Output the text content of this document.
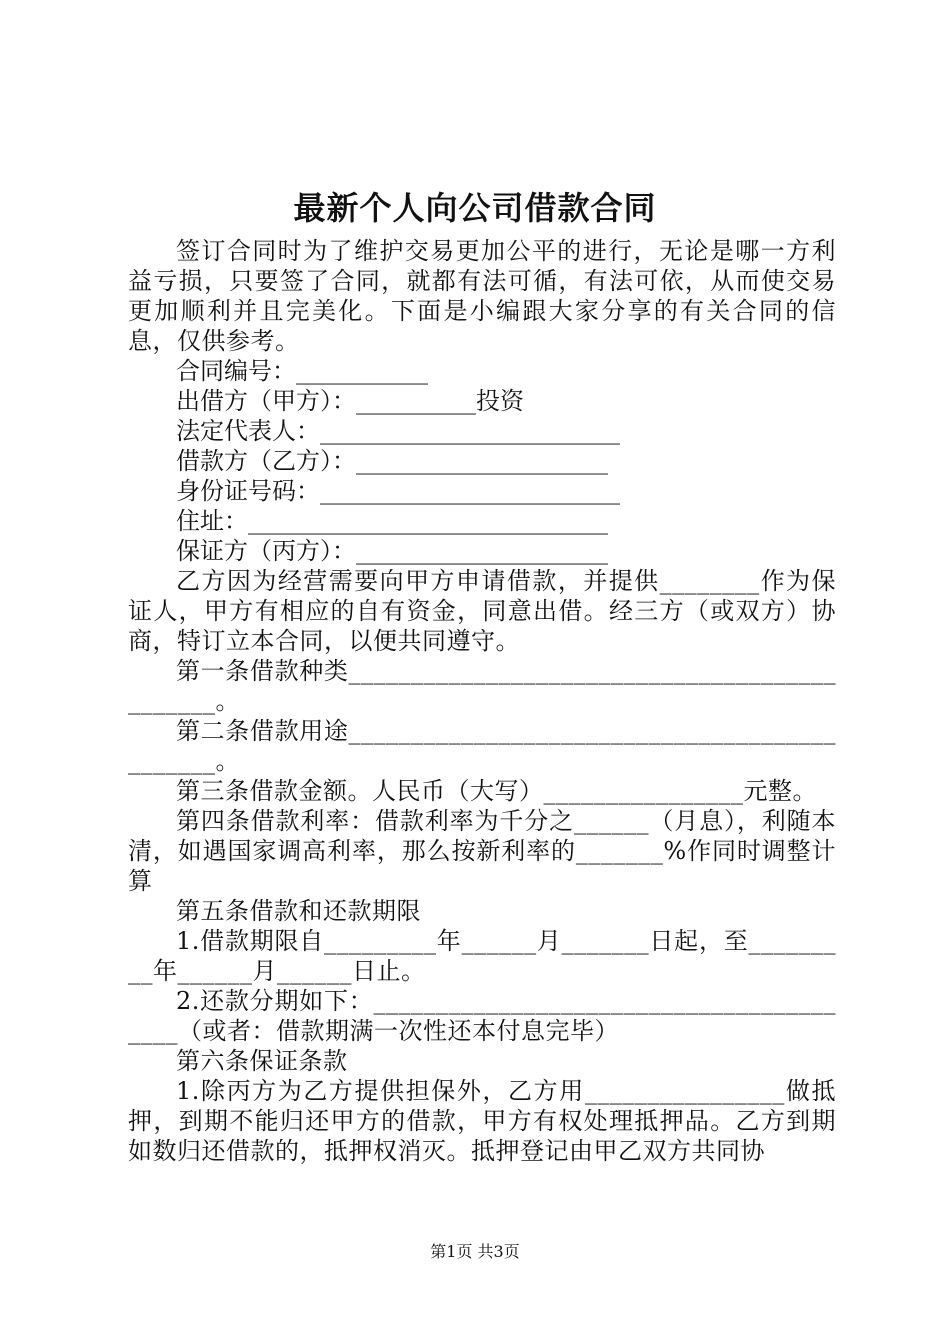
最新个人向公司借款合同

签订合同时为了维护交易更加公平的进行，无论是哪一方利益亏损，只要签了合同，就都有法可循，有法可依，从而使交易更加顺利并且完美化。下面是小编跟大家分享的有关合同的信息，仅供参考。

合同编号：___________

出借方（甲方）：__________投资

法定代表人：_________________________

借款方（乙方）：_____________________

身份证号码：_________________________

住址：______________________________

保证方（丙方）：_____________________

乙方因为经营需要向甲方申请借款，并提供________作为保证人，甲方有相应的自有资金，同意出借。经三方（或双方）协商，特订立本合同，以便共同遵守。

第一条借款种类______________________________________________。

第二条借款用途______________________________________________。

第三条借款金额。人民币（大写）________________元整。

第四条借款利率：借款利率为千分之______（月息），利随本清，如遇国家调高利率，那么按新利率的_______%作同时调整计算

第五条借款和还款期限

1.借款期限自_________年______月_______日起，至_________年______月______日止。

2.还款分期如下：_________________________________________（或者：借款期满一次性还本付息完毕）

第六条保证条款

1.除丙方为乙方提供担保外，乙方用________________做抵押，到期不能归还甲方的借款，甲方有权处理抵押品。乙方到期如数归还借款的，抵押权消灭。抵押登记由甲乙双方共同协

第1页 共3页
